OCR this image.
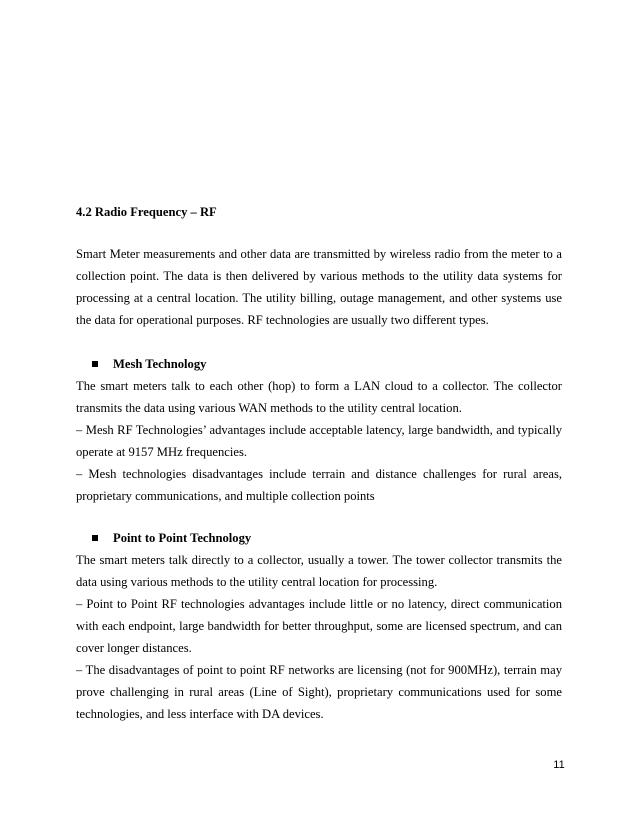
4.2 Radio Frequency – RF

Smart Meter measurements and other data are transmitted by wireless radio from the meter to a collection point. The data is then delivered by various methods to the utility data systems for processing at a central location. The utility billing, outage management, and other systems use the data for operational purposes. RF technologies are usually two different types.

Mesh Technology

The smart meters talk to each other (hop) to form a LAN cloud to a collector. The collector transmits the data using various WAN methods to the utility central location.

– Mesh RF Technologies’ advantages include acceptable latency, large bandwidth, and typically operate at 9157 MHz frequencies.

– Mesh technologies disadvantages include terrain and distance challenges for rural areas, proprietary communications, and multiple collection points

Point to Point Technology

The smart meters talk directly to a collector, usually a tower. The tower collector transmits the data using various methods to the utility central location for processing.

– Point to Point RF technologies advantages include little or no latency, direct communication with each endpoint, large bandwidth for better throughput, some are licensed spectrum, and can cover longer distances.

– The disadvantages of point to point RF networks are licensing (not for 900MHz), terrain may prove challenging in rural areas (Line of Sight), proprietary communications used for some technologies, and less interface with DA devices.

11
